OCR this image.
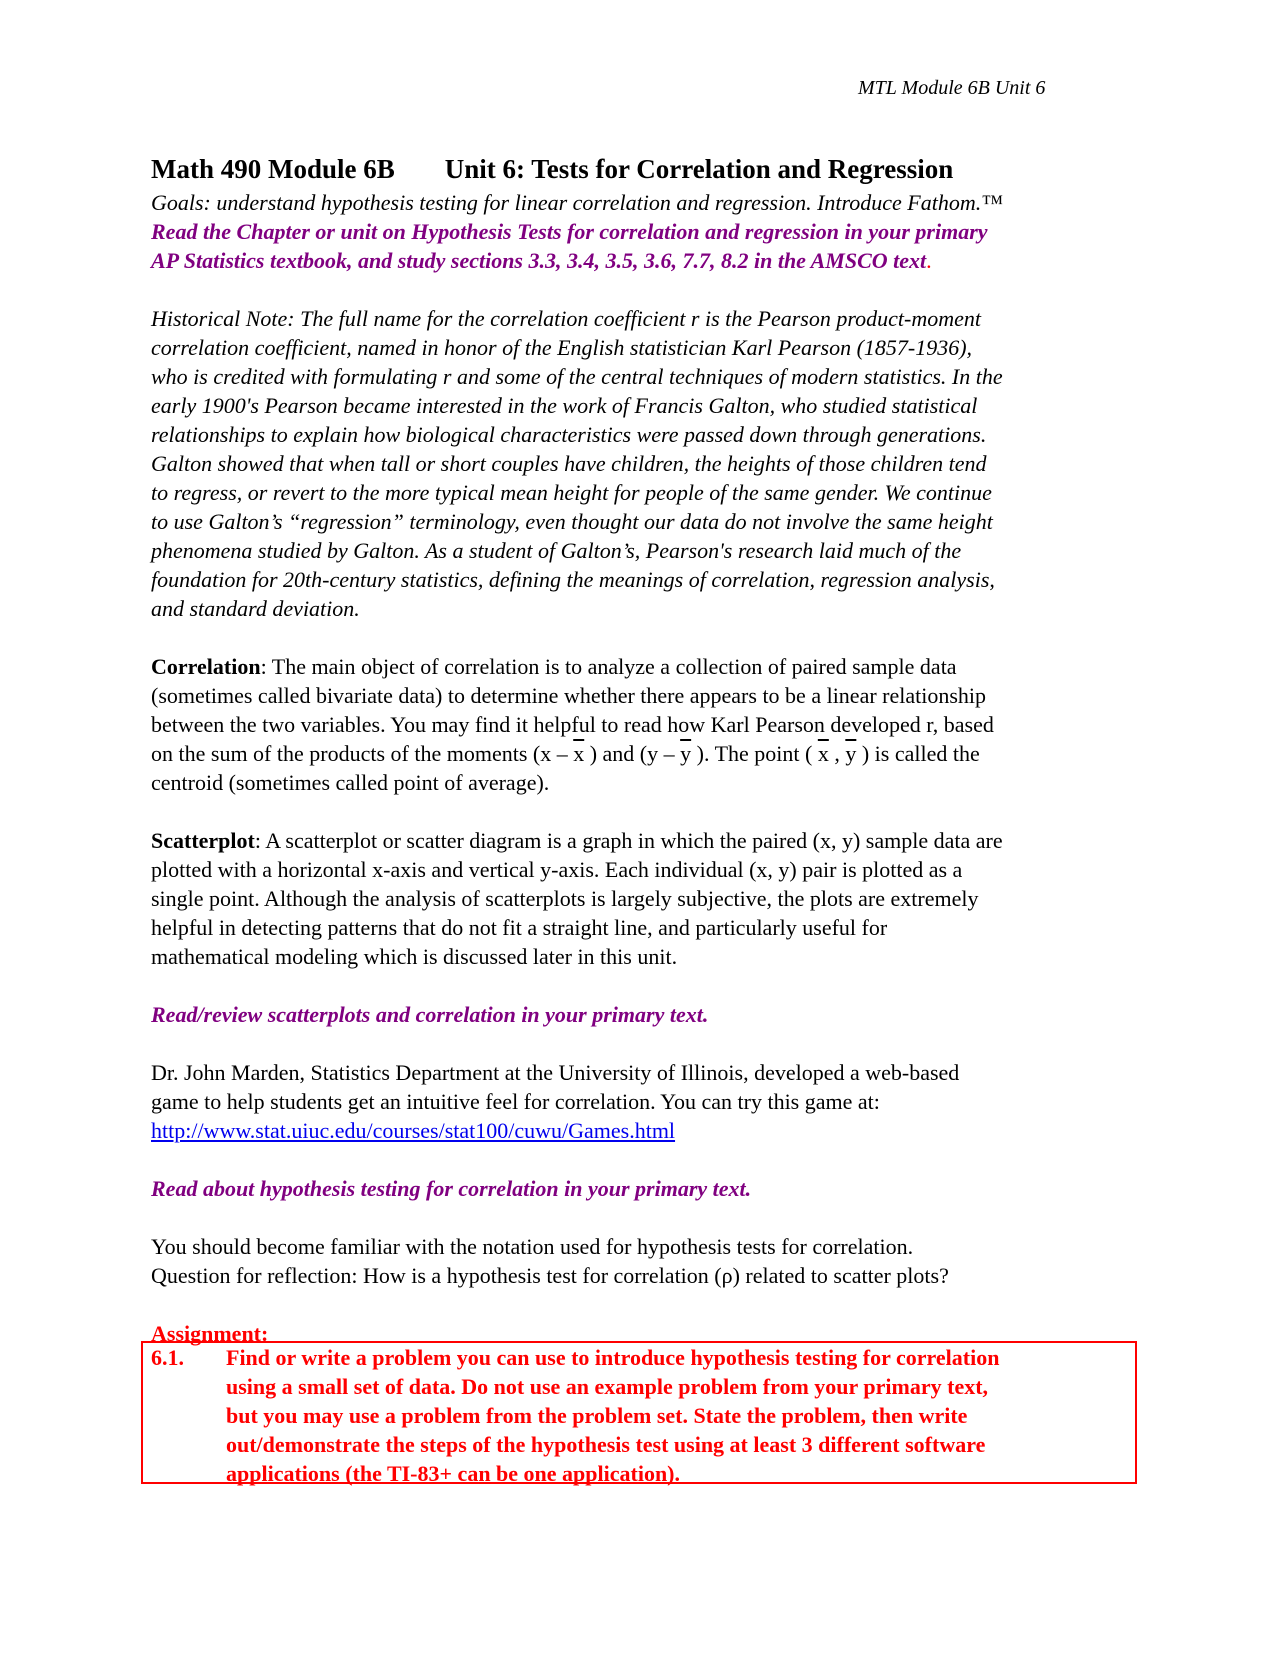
MTL Module 6B Unit 6
Math 490 Module 6B Unit 6: Tests for Correlation and Regression

Goals: understand hypothesis testing for linear correlation and regression. Introduce Fathom.™

Read the Chapter or unit on Hypothesis Tests for correlation and regression in your primary

AP Statistics textbook, and study sections 3.3, 3.4, 3.5, 3.6, 7.7, 8.2 in the AMSCO text.

Historical Note: The full name for the correlation coefficient r is the Pearson product-moment

correlation coefficient, named in honor of the English statistician Karl Pearson (1857-1936),

who is credited with formulating r and some of the central techniques of modern statistics. In the

early 1900's Pearson became interested in the work of Francis Galton, who studied statistical

relationships to explain how biological characteristics were passed down through generations.

Galton showed that when tall or short couples have children, the heights of those children tend

to regress, or revert to the more typical mean height for people of the same gender. We continue

to use Galton’s “regression” terminology, even thought our data do not involve the same height

phenomena studied by Galton. As a student of Galton’s, Pearson's research laid much of the

foundation for 20th-century statistics, defining the meanings of correlation, regression analysis,

and standard deviation.

Correlation: The main object of correlation is to analyze a collection of paired sample data

(sometimes called bivariate data) to determine whether there appears to be a linear relationship

between the two variables. You may find it helpful to read how Karl Pearson developed r, based

on the sum of the products of the moments ($x - \overline{x}$ ) and ($y - \overline{y}$ ). The point ( $\overline{x}$ , $\overline{y}$ ) is called the

centroid (sometimes called point of average).

Scatterplot: A scatterplot or scatter diagram is a graph in which the paired (x, y) sample data are

plotted with a horizontal x-axis and vertical y-axis. Each individual (x, y) pair is plotted as a

single point. Although the analysis of scatterplots is largely subjective, the plots are extremely

helpful in detecting patterns that do not fit a straight line, and particularly useful for

mathematical modeling which is discussed later in this unit.

Read/review scatterplots and correlation in your primary text.

Dr. John Marden, Statistics Department at the University of Illinois, developed a web-based

game to help students get an intuitive feel for correlation. You can try this game at:

http://www.stat.uiuc.edu/courses/stat100/cuwu/Games.html

Read about hypothesis testing for correlation in your primary text.

You should become familiar with the notation used for hypothesis tests for correlation.

Question for reflection: How is a hypothesis test for correlation (ρ) related to scatter plots?

Assignment:

6.1. Find or write a problem you can use to introduce hypothesis testing for correlation
using a small set of data. Do not use an example problem from your primary text,
but you may use a problem from the problem set. State the problem, then write
out/demonstrate the steps of the hypothesis test using at least 3 different software
applications (the TI-83+ can be one application).
